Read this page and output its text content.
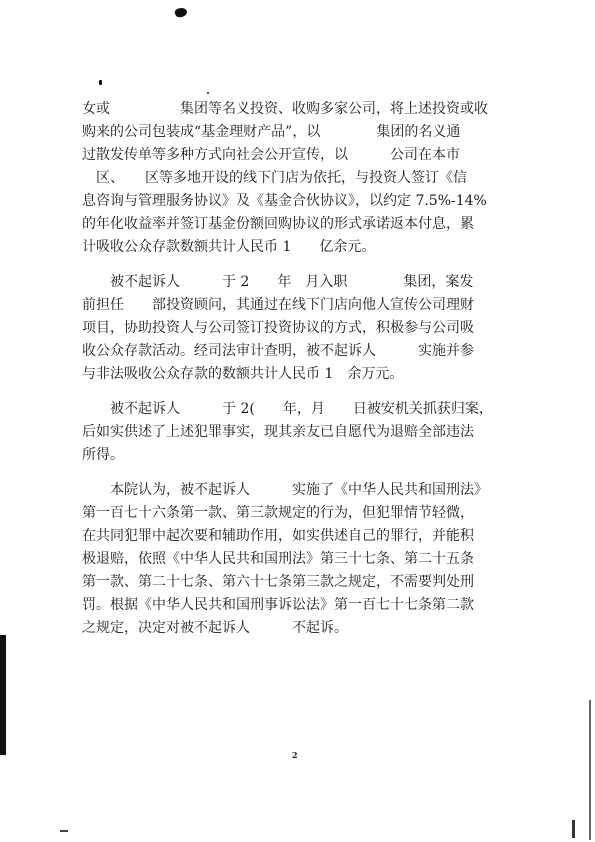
女或　　　　　集团等名义投资、收购多家公司，将上述投资或收
购来的公司包装成“基金理财产品”，以　　　　集团的名义通
过散发传单等多种方式向社会公开宣传，以　　　公司在本市
　区、　　区等多地开设的线下门店为依托，与投资人签订《信
息咨询与管理服务协议》及《基金合伙协议》，以约定 7.5%-14%
的年化收益率并签订基金份额回购协议的形式承诺返本付息，累
计吸收公众存款数额共计人民币 1　　亿余元。
　　被不起诉人　　　于 2　　年　月入职　　　　集团，案发
前担任　　部投资顾问，其通过在线下门店向他人宣传公司理财
项目，协助投资人与公司签订投资协议的方式，积极参与公司吸
收公众存款活动。经司法审计查明，被不起诉人　　　实施并参
与非法吸收公众存款的数额共计人民币 1　余万元。
　　被不起诉人　　　于 2(　　年，月　　日被安机关抓获归案，
后如实供述了上述犯罪事实，现其亲友已自愿代为退赔全部违法
所得。
　　本院认为，被不起诉人　　　实施了《中华人民共和国刑法》
第一百七十六条第一款、第三款规定的行为，但犯罪情节轻微，
在共同犯罪中起次要和辅助作用，如实供述自己的罪行，并能积
极退赔，依照《中华人民共和国刑法》第三十七条、第二十五条
第一款、第二十七条、第六十七条第三款之规定，不需要判处刑
罚。根据《中华人民共和国刑事诉讼法》第一百七十七条第二款
之规定，决定对被不起诉人　　　不起诉。
2
